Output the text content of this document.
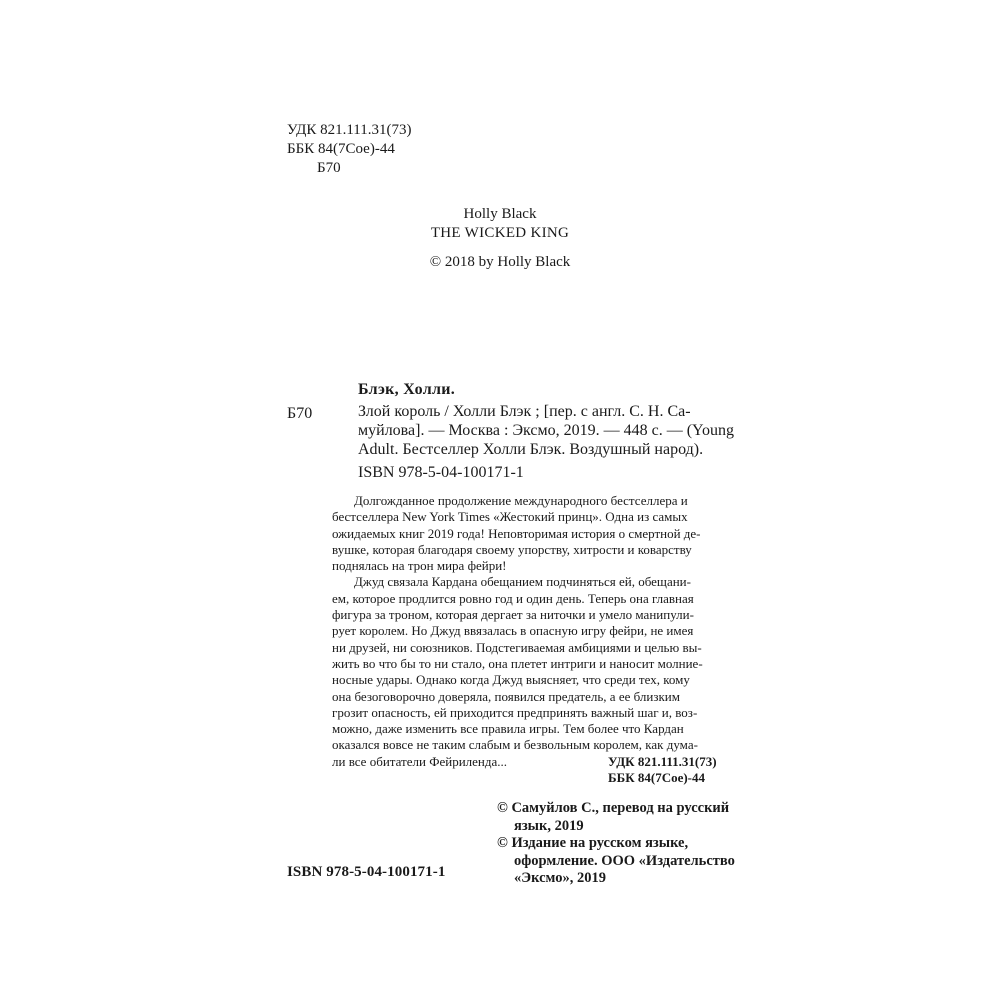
УДК 821.111.31(73)
ББК 84(7Сое)-44
Б70
Holly Black
THE WICKED KING
© 2018 by Holly Black
Блэк, Холли.
Б70	Злой король / Холли Блэк ; [пер. с англ. С. Н. Са-

муйлова]. — Москва : Эксмо, 2019. — 448 с. — (Young

Adult. Бестселлер Холли Блэк. Воздушный народ).

ISBN 978-5-04-100171-1

Долгожданное продолжение международного бестселлера и

бестселлера New York Times «Жестокий принц». Одна из самых

ожидаемых книг 2019 года! Неповторимая история о смертной де-

вушке, которая благодаря своему упорству, хитрости и коварству

поднялась на трон мира фейри!

Джуд связала Кардана обещанием подчиняться ей, обещани-

ем, которое продлится ровно год и один день. Теперь она главная

фигура за троном, которая дергает за ниточки и умело манипули-

рует королем. Но Джуд ввязалась в опасную игру фейри, не имея

ни друзей, ни союзников. Подстегиваемая амбициями и целью вы-

жить во что бы то ни стало, она плетет интриги и наносит молние-

носные удары. Однако когда Джуд выясняет, что среди тех, кому

она безоговорочно доверяла, появился предатель, а ее близким

грозит опасность, ей приходится предпринять важный шаг и, воз-

можно, даже изменить все правила игры. Тем более что Кардан

оказался вовсе не таким слабым и безвольным королем, как дума-

ли все обитатели Фейриленда...	УДК 821.111.31(73)
ББК 84(7Сое)-44
© Самуйлов С., перевод на русский
язык, 2019
© Издание на русском языке,
оформление. ООО «Издательство
«Эксмо», 2019
ISBN 978-5-04-100171-1
